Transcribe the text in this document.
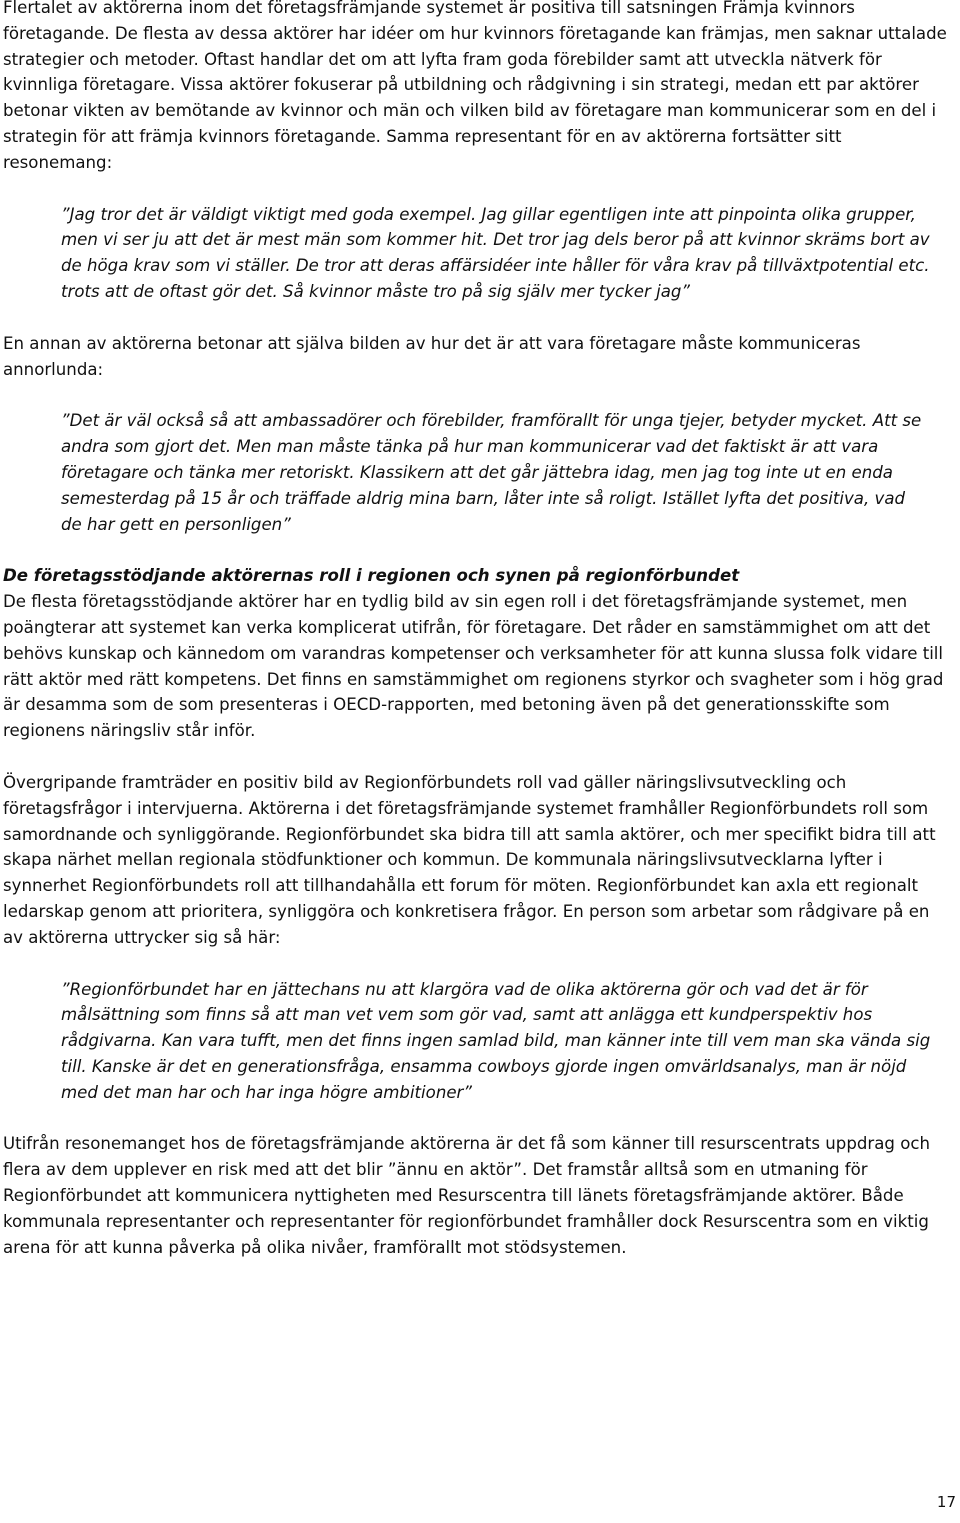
Flertalet av aktörerna inom det företagsfrämjande systemet är positiva till satsningen Främja kvinnors företagande. De flesta av dessa aktörer har idéer om hur kvinnors företagande kan främjas, men saknar uttalade strategier och metoder. Oftast handlar det om att lyfta fram goda förebilder samt att utveckla nätverk för kvinnliga företagare. Vissa aktörer fokuserar på utbildning och rådgivning i sin strategi, medan ett par aktörer betonar vikten av bemötande av kvinnor och män och vilken bild av företagare man kommunicerar som en del i strategin för att främja kvinnors företagande. Samma representant för en av aktörerna fortsätter sitt resonemang:

”Jag tror det är väldigt viktigt med goda exempel. Jag gillar egentligen inte att pinpointa olika grupper, men vi ser ju att det är mest män som kommer hit. Det tror jag dels beror på att kvinnor skräms bort av de höga krav som vi ställer. De tror att deras affärsidéer inte håller för våra krav på tillväxtpotential etc. trots att de oftast gör det. Så kvinnor måste tro på sig själv mer tycker jag”

En annan av aktörerna betonar att själva bilden av hur det är att vara företagare måste kommuniceras annorlunda:

”Det är väl också så att ambassadörer och förebilder, framförallt för unga tjejer, betyder mycket. Att se andra som gjort det. Men man måste tänka på hur man kommunicerar vad det faktiskt är att vara företagare och tänka mer retoriskt. Klassikern att det går jättebra idag, men jag tog inte ut en enda semesterdag på 15 år och träffade aldrig mina barn, låter inte så roligt. Istället lyfta det positiva, vad de har gett en personligen”

De företagsstödjande aktörernas roll i regionen och synen på regionförbundet

De flesta företagsstödjande aktörer har en tydlig bild av sin egen roll i det företagsfrämjande systemet, men poängterar att systemet kan verka komplicerat utifrån, för företagare. Det råder en samstämmighet om att det behövs kunskap och kännedom om varandras kompetenser och verksamheter för att kunna slussa folk vidare till rätt aktör med rätt kompetens. Det finns en samstämmighet om regionens styrkor och svagheter som i hög grad är desamma som de som presenteras i OECD-rapporten, med betoning även på det generationsskifte som regionens näringsliv står inför.

Övergripande framträder en positiv bild av Regionförbundets roll vad gäller näringslivsutveckling och företagsfrågor i intervjuerna. Aktörerna i det företagsfrämjande systemet framhåller Regionförbundets roll som samordnande och synliggörande. Regionförbundet ska bidra till att samla aktörer, och mer specifikt bidra till att skapa närhet mellan regionala stödfunktioner och kommun. De kommunala näringslivsutvecklarna lyfter i synnerhet Regionförbundets roll att tillhandahålla ett forum för möten. Regionförbundet kan axla ett regionalt ledarskap genom att prioritera, synliggöra och konkretisera frågor. En person som arbetar som rådgivare på en av aktörerna uttrycker sig så här:

”Regionförbundet har en jättechans nu att klargöra vad de olika aktörerna gör och vad det är för målsättning som finns så att man vet vem som gör vad, samt att anlägga ett kundperspektiv hos rådgivarna. Kan vara tufft, men det finns ingen samlad bild, man känner inte till vem man ska vända sig till. Kanske är det en generationsfråga, ensamma cowboys gjorde ingen omvärldsanalys, man är nöjd med det man har och har inga högre ambitioner”

Utifrån resonemanget hos de företagsfrämjande aktörerna är det få som känner till resurscentrats uppdrag och flera av dem upplever en risk med att det blir ”ännu en aktör”. Det framstår alltså som en utmaning för Regionförbundet att kommunicera nyttigheten med Resurscentra till länets företagsfrämjande aktörer. Både kommunala representanter och representanter för regionförbundet framhåller dock Resurscentra som en viktig arena för att kunna påverka på olika nivåer, framförallt mot stödsystemen.

17
